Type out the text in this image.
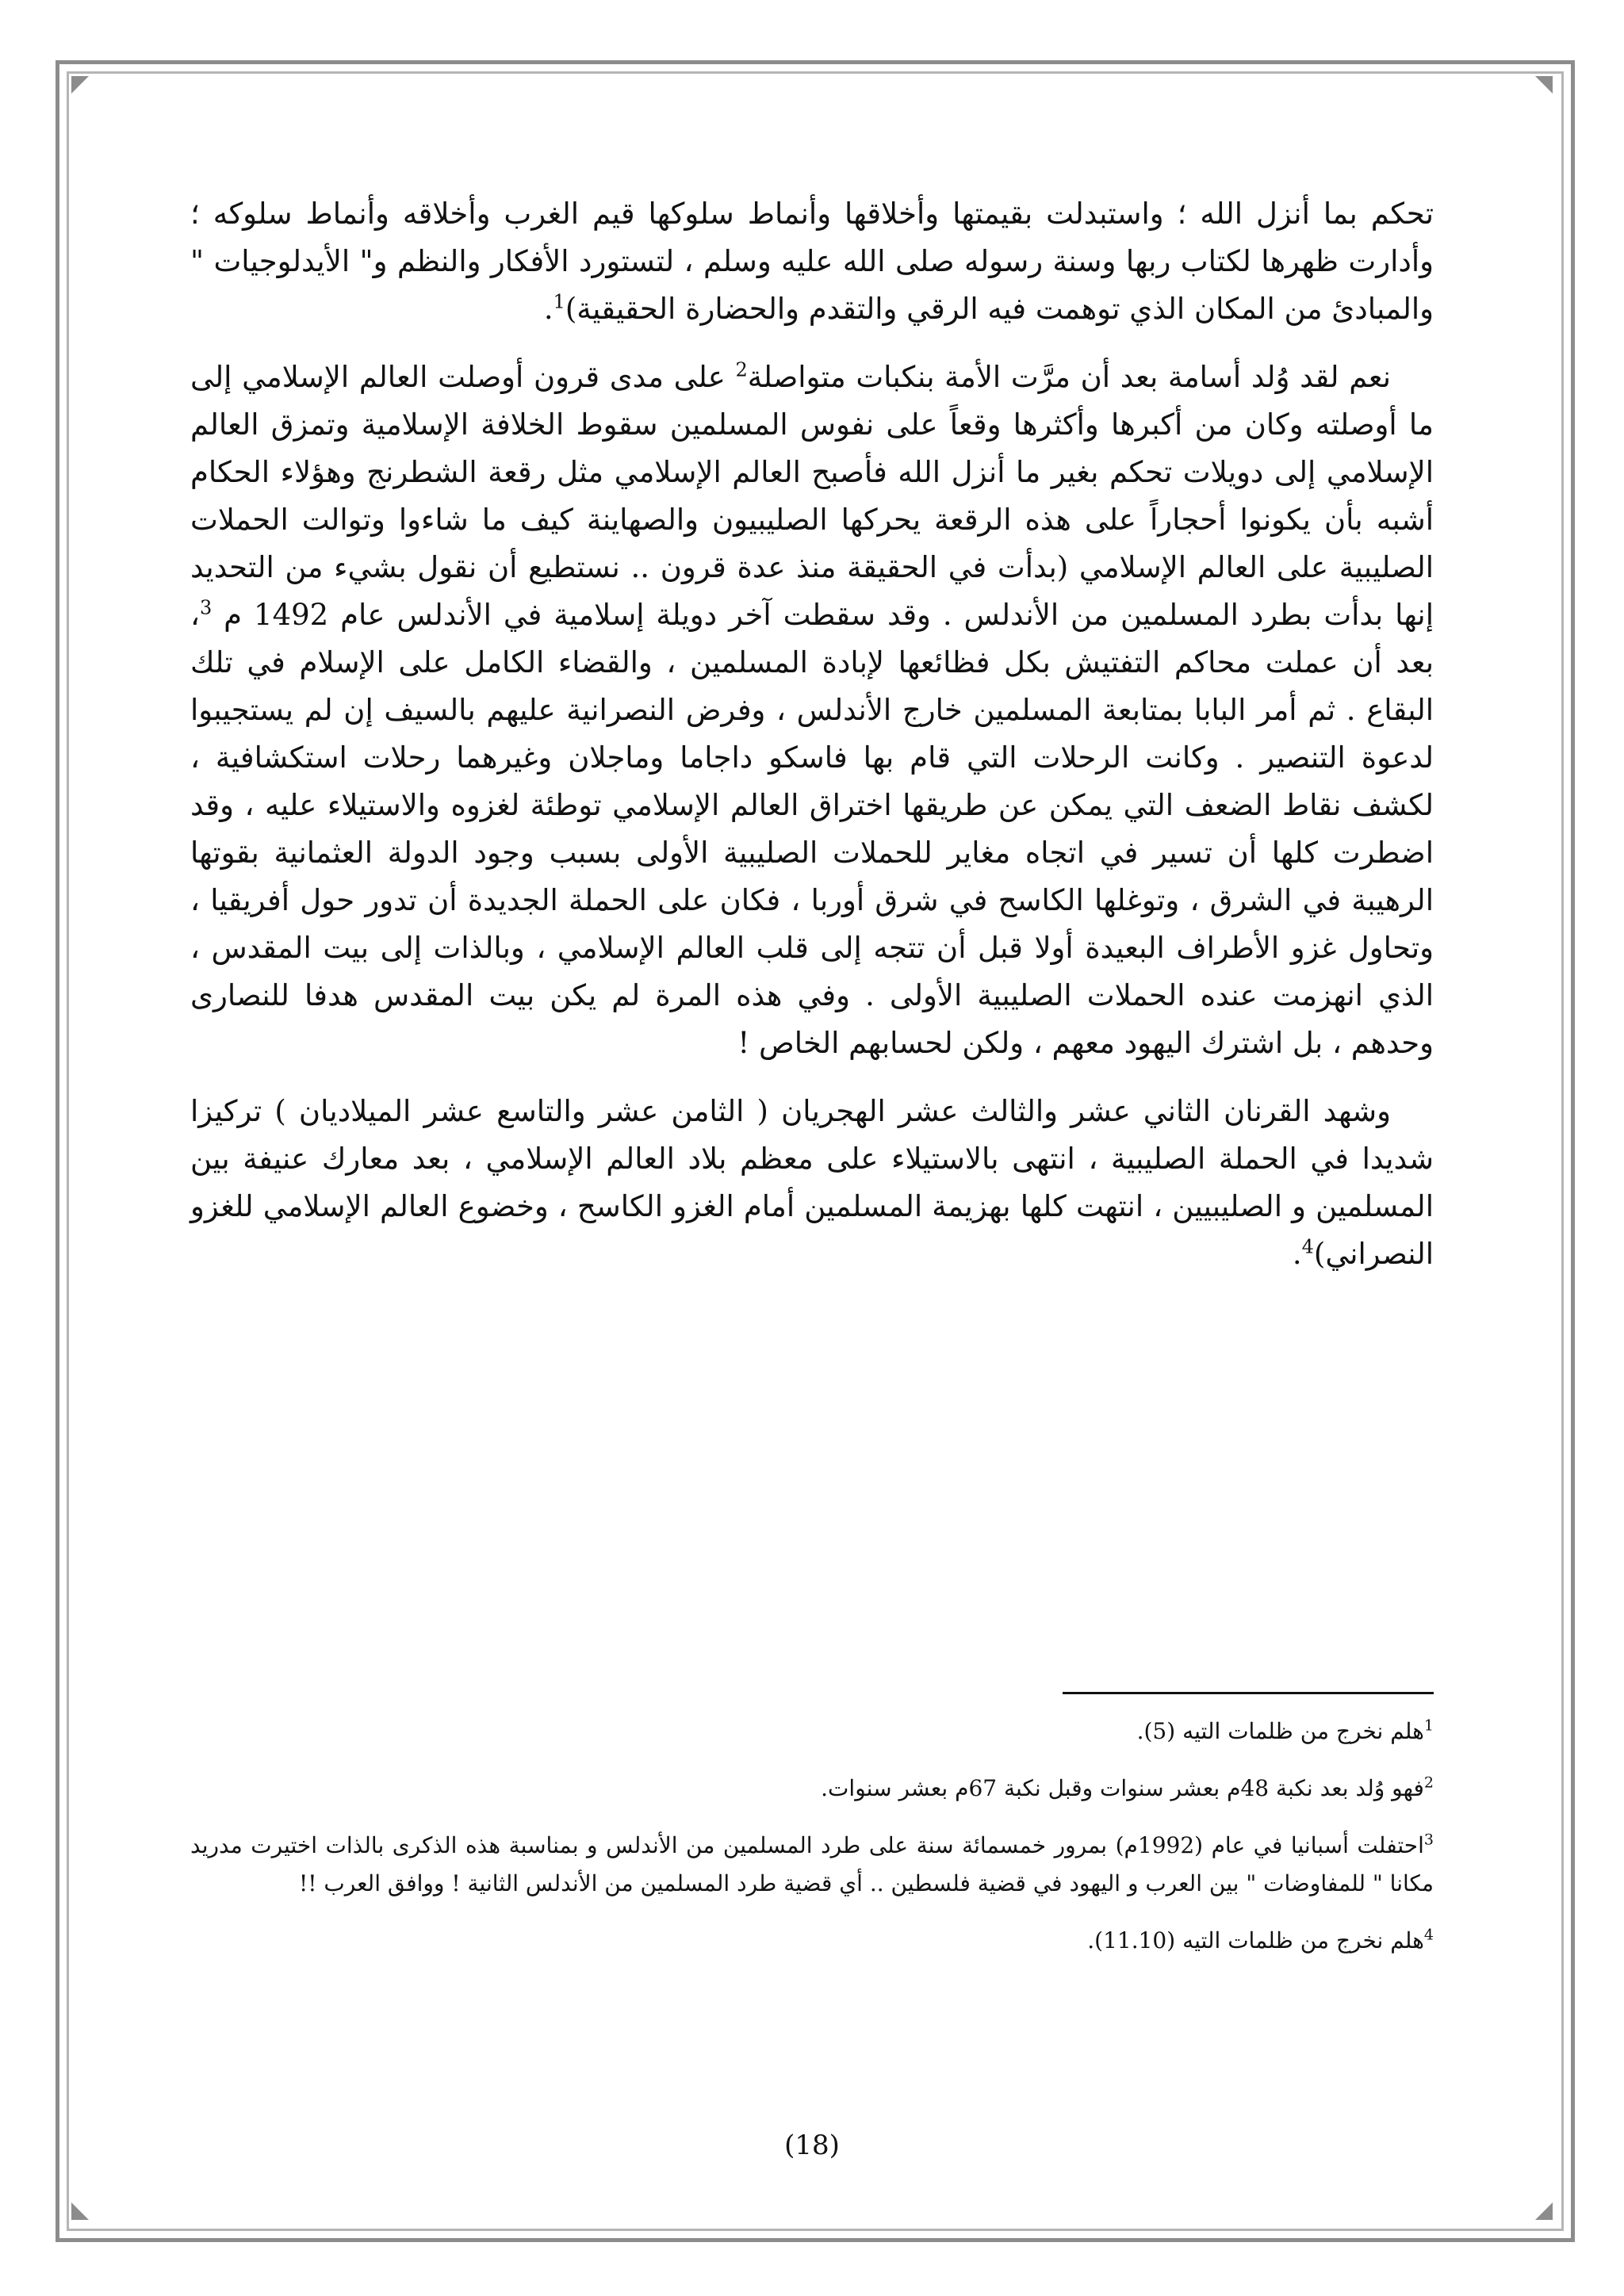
تحكم بما أنزل الله ؛ واستبدلت بقيمتها وأخلاقها وأنماط سلوكها قيم الغرب وأخلاقه وأنماط سلوكه ؛ وأدارت ظهرها لكتاب ربها وسنة رسوله صلى الله عليه وسلم ، لتستورد الأفكار والنظم و" الأيدلوجيات " والمبادئ من المكان الذي توهمت فيه الرقي والتقدم والحضارة الحقيقية)$^1$.

نعم لقد وُلد أسامة بعد أن مرَّت الأمة بنكبات متواصلة$^2$ على مدى قرون أوصلت العالم الإسلامي إلى ما أوصلته وكان من أكبرها وأكثرها وقعاً على نفوس المسلمين سقوط الخلافة الإسلامية وتمزق العالم الإسلامي إلى دويلات تحكم بغير ما أنزل الله فأصبح العالم الإسلامي مثل رقعة الشطرنج وهؤلاء الحكام أشبه بأن يكونوا أحجاراً على هذه الرقعة يحركها الصليبيون والصهاينة كيف ما شاءوا وتوالت الحملات الصليبية على العالم الإسلامي (بدأت في الحقيقة منذ عدة قرون .. نستطيع أن نقول بشيء من التحديد إنها بدأت بطرد المسلمين من الأندلس . وقد سقطت آخر دويلة إسلامية في الأندلس عام 1492 م $^3$، بعد أن عملت محاكم التفتيش بكل فظائعها لإبادة المسلمين ، والقضاء الكامل على الإسلام في تلك البقاع . ثم أمر البابا بمتابعة المسلمين خارج الأندلس ، وفرض النصرانية عليهم بالسيف إن لم يستجيبوا لدعوة التنصير . وكانت الرحلات التي قام بها فاسكو داجاما وماجلان وغيرهما رحلات استكشافية ، لكشف نقاط الضعف التي يمكن عن طريقها اختراق العالم الإسلامي توطئة لغزوه والاستيلاء عليه ، وقد اضطرت كلها أن تسير في اتجاه مغاير للحملات الصليبية الأولى بسبب وجود الدولة العثمانية بقوتها الرهيبة في الشرق ، وتوغلها الكاسح في شرق أوربا ، فكان على الحملة الجديدة أن تدور حول أفريقيا ، وتحاول غزو الأطراف البعيدة أولا قبل أن تتجه إلى قلب العالم الإسلامي ، وبالذات إلى بيت المقدس ، الذي انهزمت عنده الحملات الصليبية الأولى . وفي هذه المرة لم يكن بيت المقدس هدفا للنصارى وحدهم ، بل اشترك اليهود معهم ، ولكن لحسابهم الخاص !

وشهد القرنان الثاني عشر والثالث عشر الهجريان ( الثامن عشر والتاسع عشر الميلاديان ) تركيزا شديدا في الحملة الصليبية ، انتهى بالاستيلاء على معظم بلاد العالم الإسلامي ، بعد معارك عنيفة بين المسلمين و الصليبيين ، انتهت كلها بهزيمة المسلمين أمام الغزو الكاسح ، وخضوع العالم الإسلامي للغزو النصراني)$^4$.

$^1$هلم نخرج من ظلمات التيه (5).

$^2$فهو وُلد بعد نكبة 48م بعشر سنوات وقبل نكبة 67م بعشر سنوات.

$^3$احتفلت أسبانيا في عام (1992م) بمرور خمسمائة سنة على طرد المسلمين من الأندلس و بمناسبة هذه الذكرى بالذات اختيرت مدريد مكانا " للمفاوضات " بين العرب و اليهود في قضية فلسطين .. أي قضية طرد المسلمين من الأندلس الثانية ! ووافق العرب !!

$^4$هلم نخرج من ظلمات التيه (11.10).

(18)
